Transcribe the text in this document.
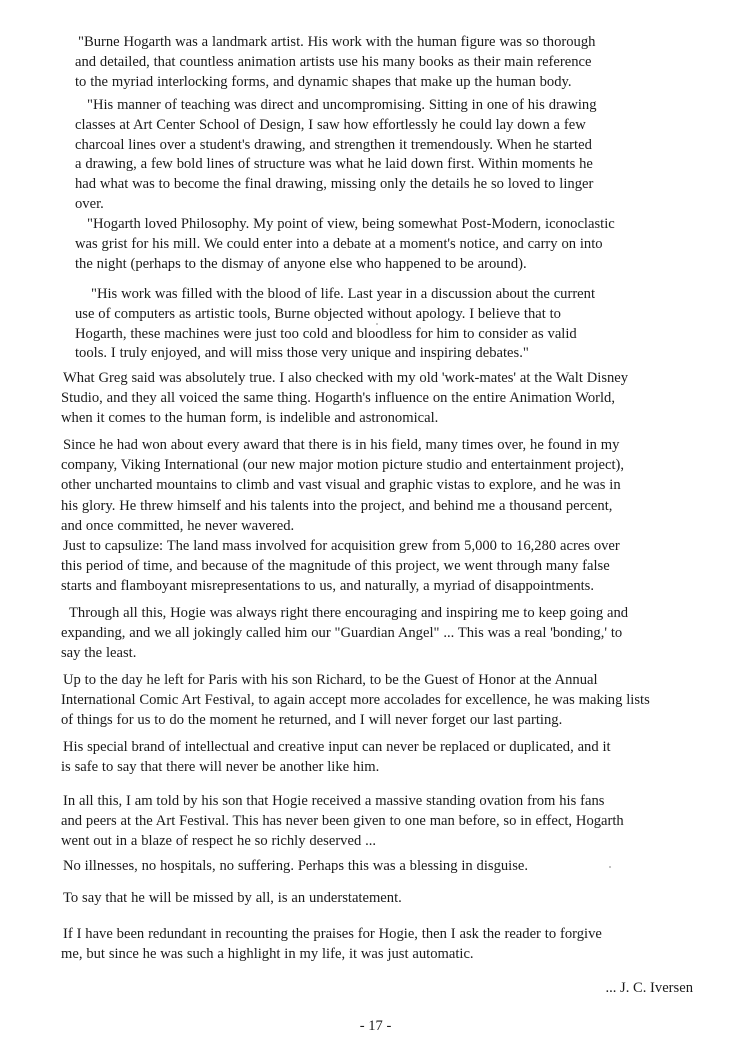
"Burne Hogarth was a landmark artist. His work with the human figure was so thorough
and detailed, that countless animation artists use his many books as their main reference
to the myriad interlocking forms, and dynamic shapes that make up the human body.
"His manner of teaching was direct and uncompromising. Sitting in one of his drawing
classes at Art Center School of Design, I saw how effortlessly he could lay down a few
charcoal lines over a student's drawing, and strengthen it tremendously. When he started
a drawing, a few bold lines of structure was what he laid down first. Within moments he
had what was to become the final drawing, missing only the details he so loved to linger
over.
"Hogarth loved Philosophy. My point of view, being somewhat Post-Modern, iconoclastic
was grist for his mill. We could enter into a debate at a moment's notice, and carry on into
the night (perhaps to the dismay of anyone else who happened to be around).
"His work was filled with the blood of life. Last year in a discussion about the current
use of computers as artistic tools, Burne objected without apology. I believe that to
Hogarth, these machines were just too cold and bloodless for him to consider as valid
tools. I truly enjoyed, and will miss those very unique and inspiring debates."
What Greg said was absolutely true. I also checked with my old 'work-mates' at the Walt Disney
Studio, and they all voiced the same thing. Hogarth's influence on the entire Animation World,
when it comes to the human form, is indelible and astronomical.
Since he had won about every award that there is in his field, many times over, he found in my
company, Viking International (our new major motion picture studio and entertainment project),
other uncharted mountains to climb and vast visual and graphic vistas to explore, and he was in
his glory. He threw himself and his talents into the project, and behind me a thousand percent,
and once committed, he never wavered.
Just to capsulize: The land mass involved for acquisition grew from 5,000 to 16,280 acres over
this period of time, and because of the magnitude of this project, we went through many false
starts and flamboyant misrepresentations to us, and naturally, a myriad of disappointments.
Through all this, Hogie was always right there encouraging and inspiring me to keep going and
expanding, and we all jokingly called him our "Guardian Angel" ... This was a real 'bonding,' to
say the least.
Up to the day he left for Paris with his son Richard, to be the Guest of Honor at the Annual
International Comic Art Festival, to again accept more accolades for excellence, he was making lists
of things for us to do the moment he returned, and I will never forget our last parting.
His special brand of intellectual and creative input can never be replaced or duplicated, and it
is safe to say that there will never be another like him.
In all this, I am told by his son that Hogie received a massive standing ovation from his fans
and peers at the Art Festival. This has never been given to one man before, so in effect, Hogarth
went out in a blaze of respect he so richly deserved ...
No illnesses, no hospitals, no suffering. Perhaps this was a blessing in disguise.
To say that he will be missed by all, is an understatement.
If I have been redundant in recounting the praises for Hogie, then I ask the reader to forgive
me, but since he was such a highlight in my life, it was just automatic.
... J. C. Iversen
- 17 -
